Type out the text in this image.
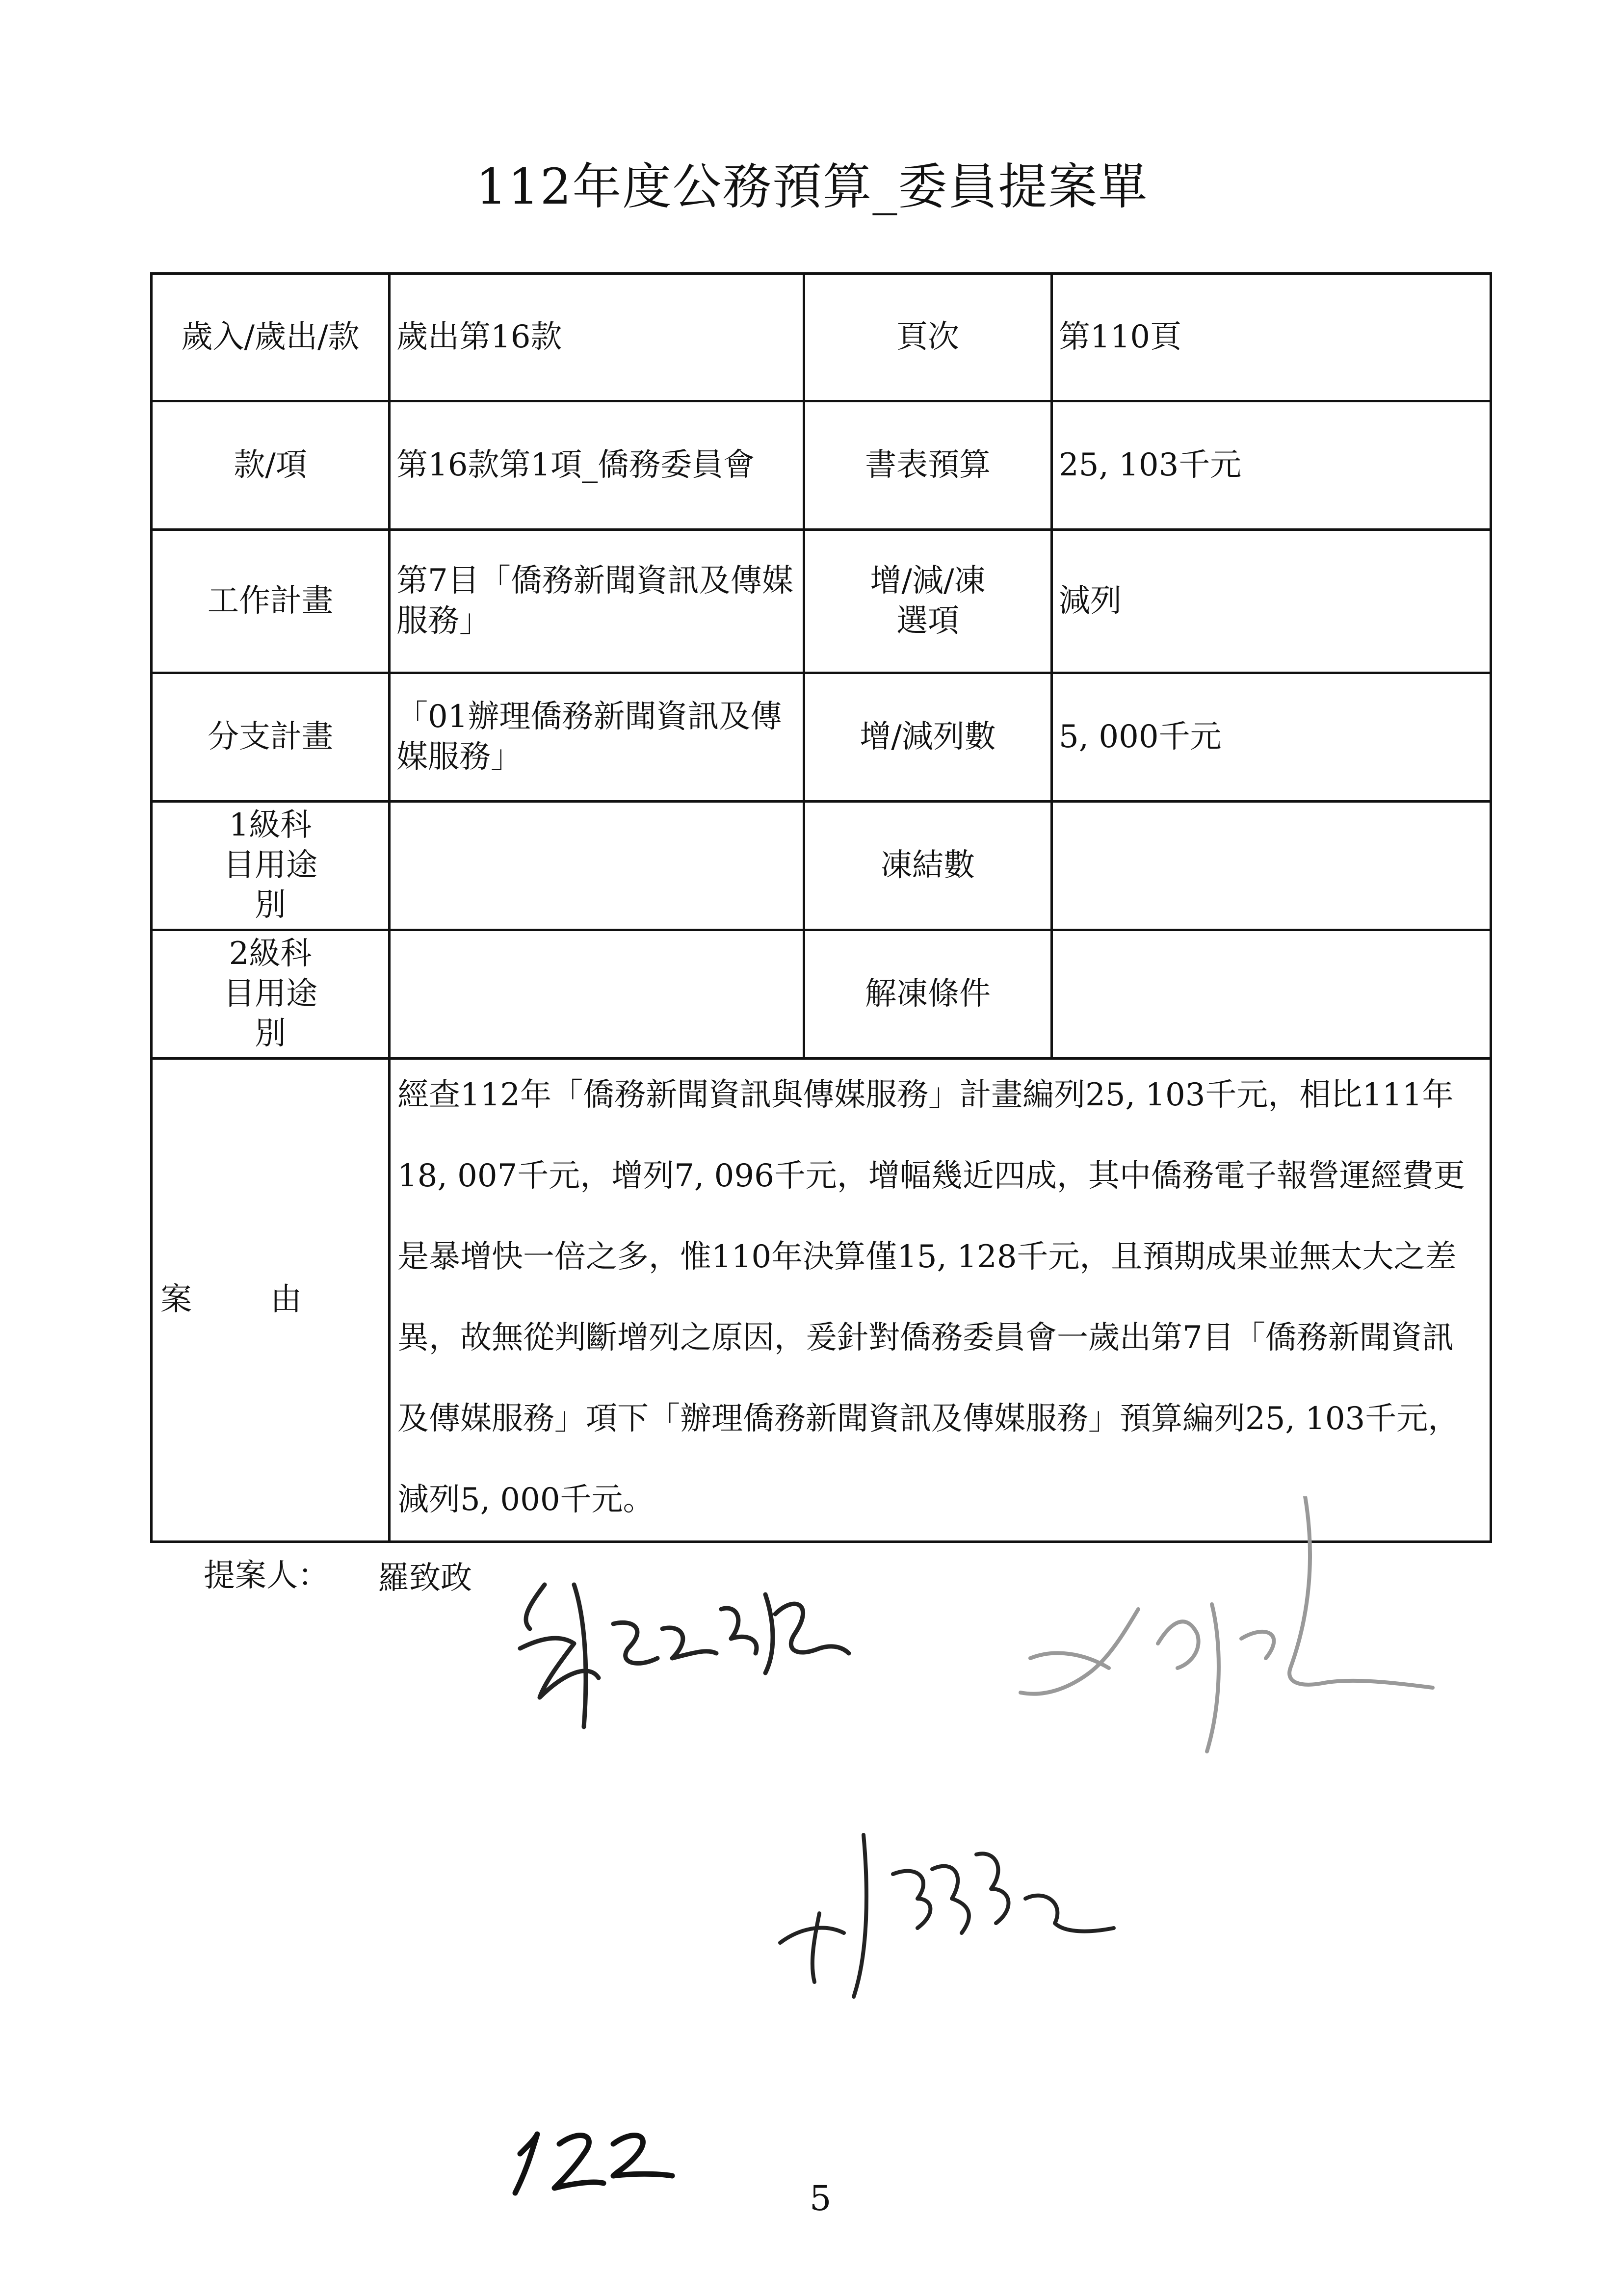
112年度公務預算_委員提案單
歲入/歲出/款	歲出第16款	頁次	第110頁
款/項	第16款第1項_僑務委員會	書表預算	25, 103千元
工作計畫	第7目「僑務新聞資訊及傳媒服務」	增/減/凍選項	減列
分支計畫	「01辦理僑務新聞資訊及傳媒服務」	增/減列數	5, 000千元
1級科目用途別		凍結數	
2級科目用途別		解凍條件	
案由	經查112年「僑務新聞資訊與傳媒服務」計畫編列25, 103千元，相比111年18, 007千元，增列7, 096千元，增幅幾近四成，其中僑務電子報營運經費更是暴增快一倍之多，惟110年決算僅15, 128千元，且預期成果並無太大之差異，故無從判斷增列之原因，爰針對僑務委員會一歲出第7目「僑務新聞資訊及傳媒服務」項下「辦理僑務新聞資訊及傳媒服務」預算編列25, 103千元，減列5, 000千元。		
提案人： 羅致政
5
